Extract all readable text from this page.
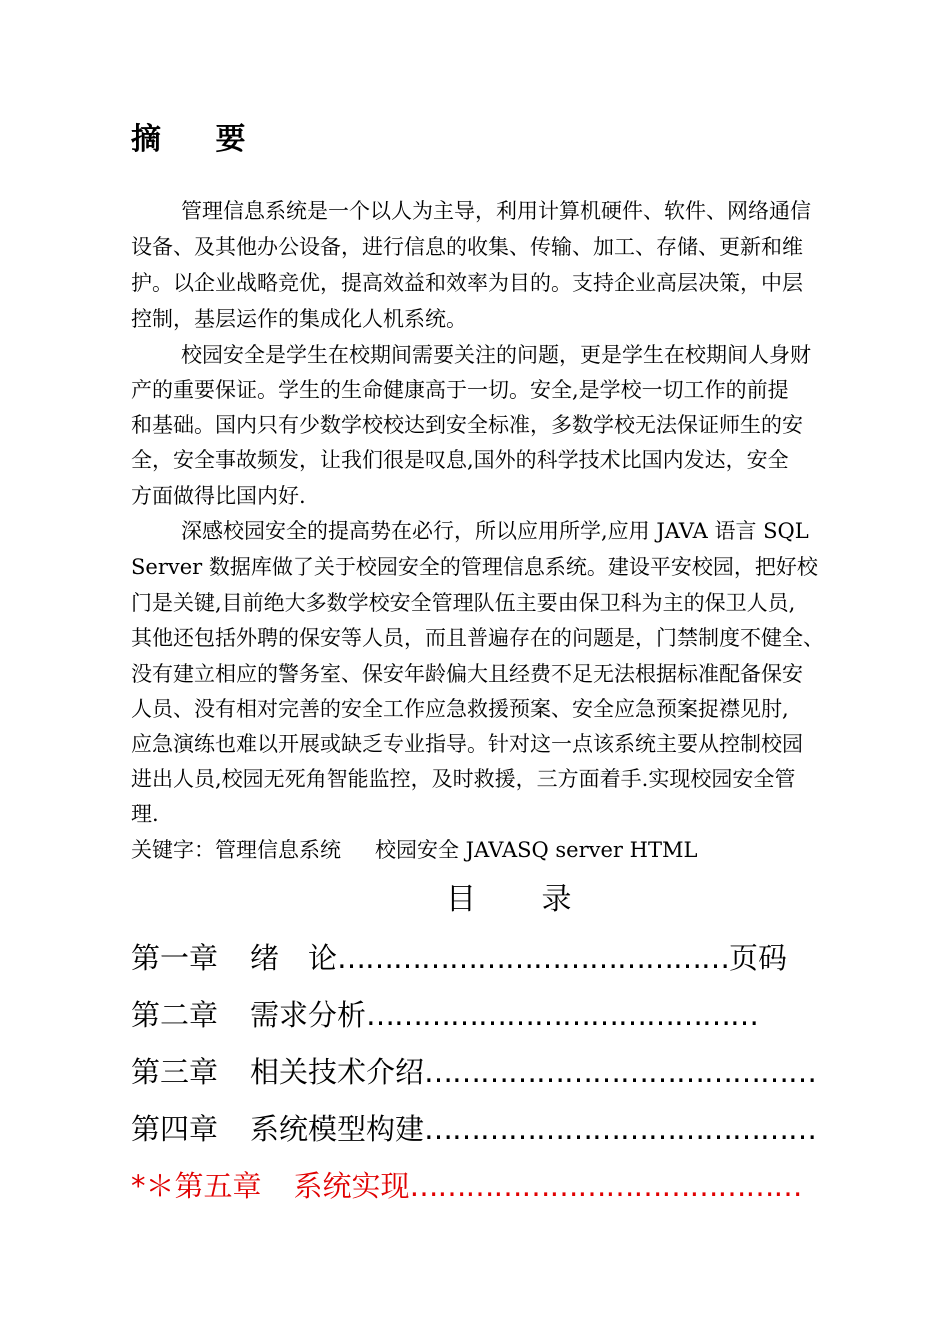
摘 要
管理信息系统是一个以人为主导，利用计算机硬件、软件、网络通信
设备、及其他办公设备，进行信息的收集、传输、加工、存储、更新和维
护。以企业战略竞优，提高效益和效率为目的。支持企业高层决策，中层
控制，基层运作的集成化人机系统。
校园安全是学生在校期间需要关注的问题，更是学生在校期间人身财
产的重要保证。学生的生命健康高于一切。安全,是学校一切工作的前提
和基础。国内只有少数学校校达到安全标准，多数学校无法保证师生的安
全，安全事故频发，让我们很是叹息,国外的科学技术比国内发达，安全
方面做得比国内好.
深感校园安全的提高势在必行，所以应用所学,应用 JAVA 语言 SQL
Server 数据库做了关于校园安全的管理信息系统。建设平安校园，把好校
门是关键,目前绝大多数学校安全管理队伍主要由保卫科为主的保卫人员,
其他还包括外聘的保安等人员，而且普遍存在的问题是，门禁制度不健全、
没有建立相应的警务室、保安年龄偏大且经费不足无法根据标准配备保安
人员、没有相对完善的安全工作应急救援预案、安全应急预案捉襟见肘,
应急演练也难以开展或缺乏专业指导。针对这一点该系统主要从控制校园
进出人员,校园无死角智能监控，及时救援，三方面着手.实现校园安全管
理.
关键字：管理信息系统 校园安全 JAVASQ server HTML
目 录
第一章 绪　论……………………………………页码
第二章 需求分析……………………………………
第三章 相关技术介绍……………………………………
第四章 系统模型构建……………………………………
*＊第五章 系统实现……………………………………
